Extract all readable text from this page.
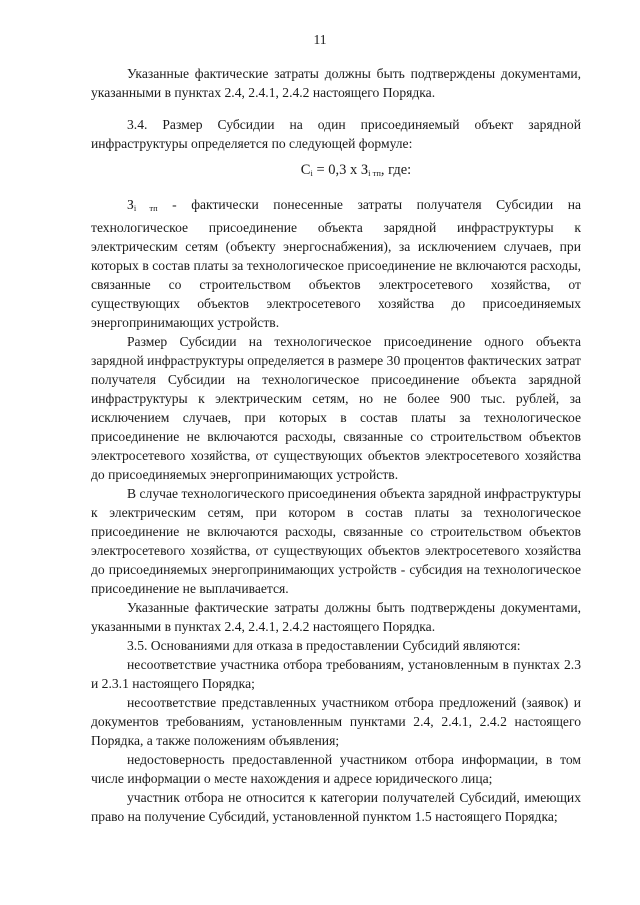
11

Указанные фактические затраты должны быть подтверждены документами, указанными в пунктах 2.4, 2.4.1, 2.4.2 настоящего Порядка.

3.4. Размер Субсидии на один присоединяемый объект зарядной инфраструктуры определяется по следующей формуле:

$C_i = 0,3$ x $З_{i тп}$, где:

$З_{i тп}$ - фактически понесенные затраты получателя Субсидии на технологическое присоединение объекта зарядной инфраструктуры к электрическим сетям (объекту энергоснабжения), за исключением случаев, при которых в состав платы за технологическое присоединение не включаются расходы, связанные со строительством объектов электросетевого хозяйства, от существующих объектов электросетевого хозяйства до присоединяемых энергопринимающих устройств.

Размер Субсидии на технологическое присоединение одного объекта зарядной инфраструктуры определяется в размере 30 процентов фактических затрат получателя Субсидии на технологическое присоединение объекта зарядной инфраструктуры к электрическим сетям, но не более 900 тыс. рублей, за исключением случаев, при которых в состав платы за технологическое присоединение не включаются расходы, связанные со строительством объектов электросетевого хозяйства, от существующих объектов электросетевого хозяйства до присоединяемых энергопринимающих устройств.

В случае технологического присоединения объекта зарядной инфраструктуры к электрическим сетям, при котором в состав платы за технологическое присоединение не включаются расходы, связанные со строительством объектов электросетевого хозяйства, от существующих объектов электросетевого хозяйства до присоединяемых энергопринимающих устройств - субсидия на технологическое присоединение не выплачивается.

Указанные фактические затраты должны быть подтверждены документами, указанными в пунктах 2.4, 2.4.1, 2.4.2 настоящего Порядка.

3.5. Основаниями для отказа в предоставлении Субсидий являются:

несоответствие участника отбора требованиям, установленным в пунктах 2.3 и 2.3.1 настоящего Порядка;

несоответствие представленных участником отбора предложений (заявок) и документов требованиям, установленным пунктами 2.4, 2.4.1, 2.4.2 настоящего Порядка, а также положениям объявления;

недостоверность предоставленной участником отбора информации, в том числе информации о месте нахождения и адресе юридического лица;

участник отбора не относится к категории получателей Субсидий, имеющих право на получение Субсидий, установленной пунктом 1.5 настоящего Порядка;
